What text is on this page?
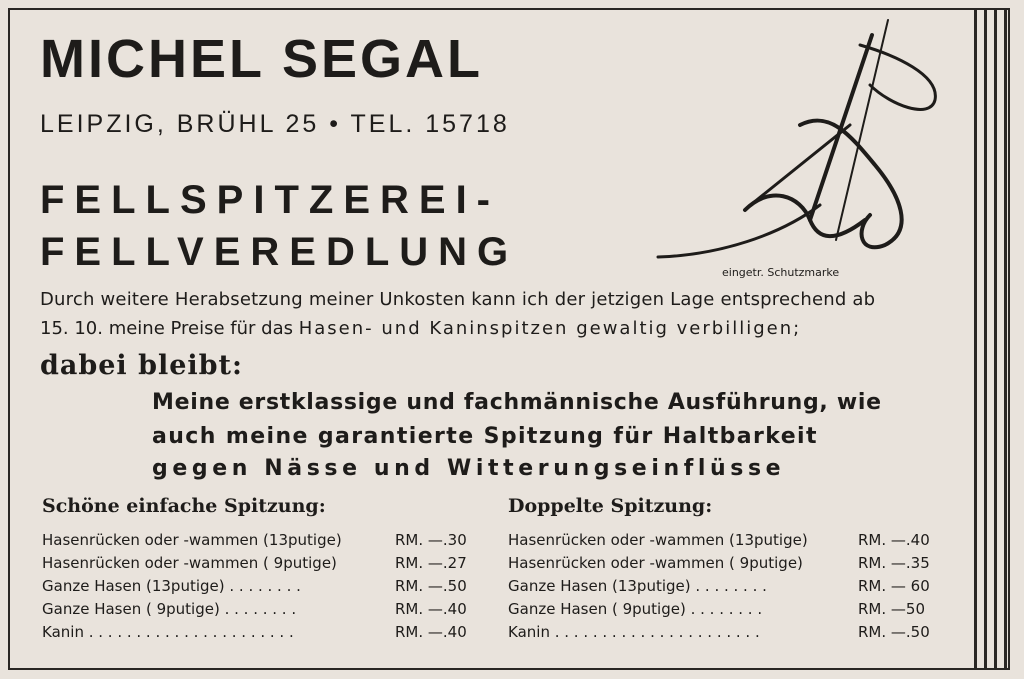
MICHEL SEGAL
LEIPZIG, BRÜHL 25 • TEL. 15718
FELLSPITZEREI-
FELLVEREDLUNG	eingetr. Schutzmarke
Durch weitere Herabsetzung meiner Unkosten kann ich der jetzigen Lage entsprechend ab
15. 10. meine Preise für das Hasen- und Kaninspitzen gewaltig verbilligen;
dabei bleibt:
Meine erstklassige und fachmännische Ausführung, wie
auch meine garantierte Spitzung für Haltbarkeit
gegen Nässe und Witterungseinflüsse
Schöne einfache Spitzung:	Doppelte Spitzung:
Hasenrücken oder -wammen (13putige)	RM. —.30
Hasenrücken oder -wammen ( 9putige)	RM. —.27
Ganze Hasen (13putige) . . . . . . . .	RM. —.50
Ganze Hasen ( 9putige) . . . . . . . .	RM. —.40
Kanin . . . . . . . . . . . . . . . . . . . . . .	RM. —.40
Hasenrücken oder -wammen (13putige)	RM. —.40
Hasenrücken oder -wammen ( 9putige)	RM. —.35
Ganze Hasen (13putige) . . . . . . . .	RM. — 60
Ganze Hasen ( 9putige) . . . . . . . .	RM. —50
Kanin . . . . . . . . . . . . . . . . . . . . . .	RM. —.50
